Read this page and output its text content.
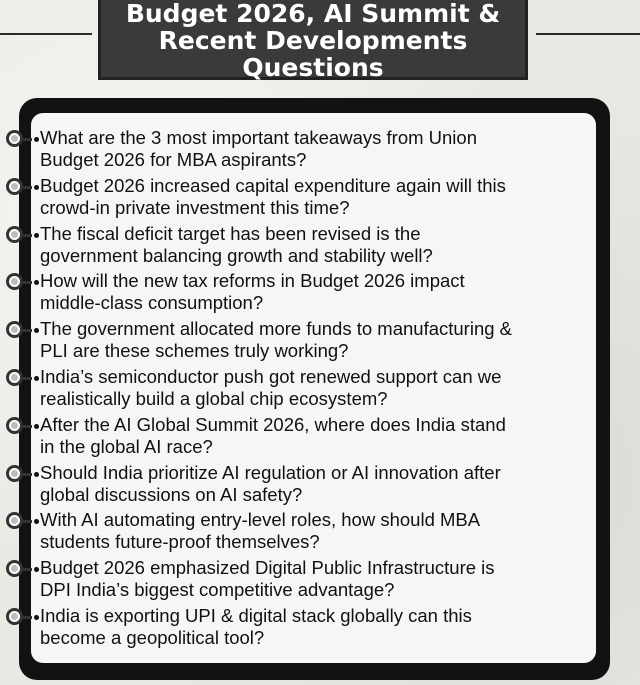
Budget 2026, AI Summit &
Recent Developments
Questions
What are the 3 most important takeaways from Union
Budget 2026 for MBA aspirants?
Budget 2026 increased capital expenditure again will this
crowd-in private investment this time?
The fiscal deficit target has been revised is the
government balancing growth and stability well?
How will the new tax reforms in Budget 2026 impact
middle-class consumption?
The government allocated more funds to manufacturing &
PLI are these schemes truly working?
India’s semiconductor push got renewed support can we
realistically build a global chip ecosystem?
After the AI Global Summit 2026, where does India stand
in the global AI race?
Should India prioritize AI regulation or AI innovation after
global discussions on AI safety?
With AI automating entry-level roles, how should MBA
students future-proof themselves?
Budget 2026 emphasized Digital Public Infrastructure is
DPI India’s biggest competitive advantage?
India is exporting UPI & digital stack globally can this
become a geopolitical tool?
